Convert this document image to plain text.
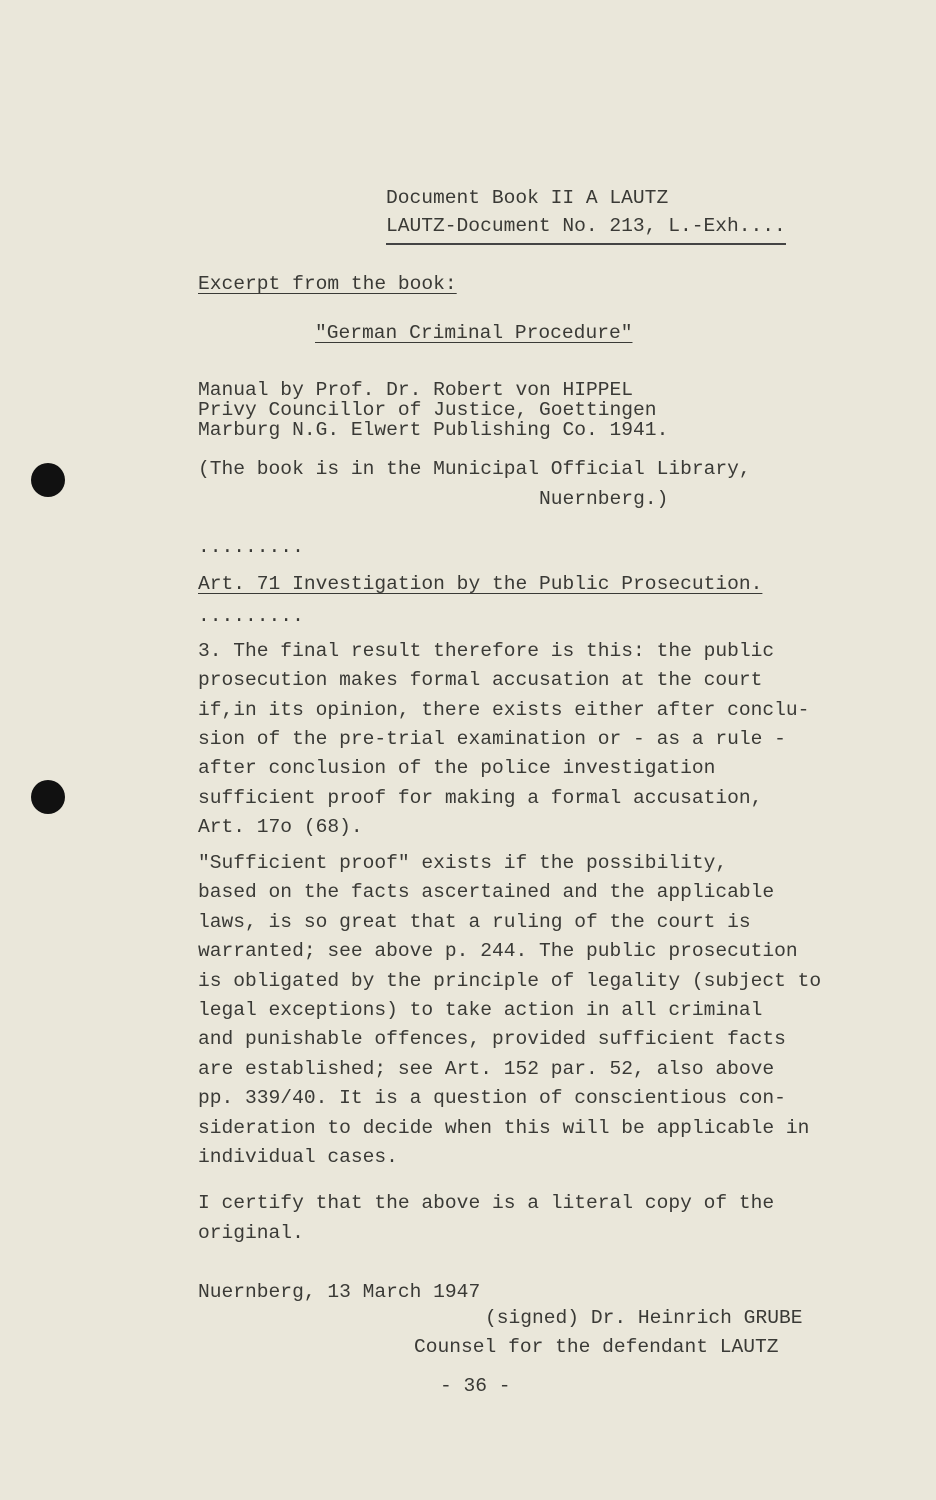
Document Book II A LAUTZ
LAUTZ-Document No. 213, L.-Exh....
Excerpt from the book:
"German Criminal Procedure"
Manual by Prof. Dr. Robert von HIPPEL
Privy Councillor of Justice, Goettingen
Marburg N.G. Elwert Publishing Co. 1941.
(The book is in the Municipal Official Library,
Nuernberg.)
.........
Art. 71 Investigation by the Public Prosecution.
.........
3. The final result therefore is this: the public
prosecution makes formal accusation at the court
if,in its opinion, there exists either after conclu-
sion of the pre-trial examination or - as a rule -
after conclusion of the police investigation
sufficient proof for making a formal accusation,
Art. 17o (68).
"Sufficient proof" exists if the possibility,
based on the facts ascertained and the applicable
laws, is so great that a ruling of the court is
warranted; see above p. 244. The public prosecution
is obligated by the principle of legality (subject to
legal exceptions) to take action in all criminal
and punishable offences, provided sufficient facts
are established; see Art. 152 par. 52, also above
pp. 339/40. It is a question of conscientious con-
sideration to decide when this will be applicable in
individual cases.
I certify that the above is a literal copy of the
original.
Nuernberg, 13 March 1947
(signed) Dr. Heinrich GRUBE
Counsel for the defendant LAUTZ
- 36 -
